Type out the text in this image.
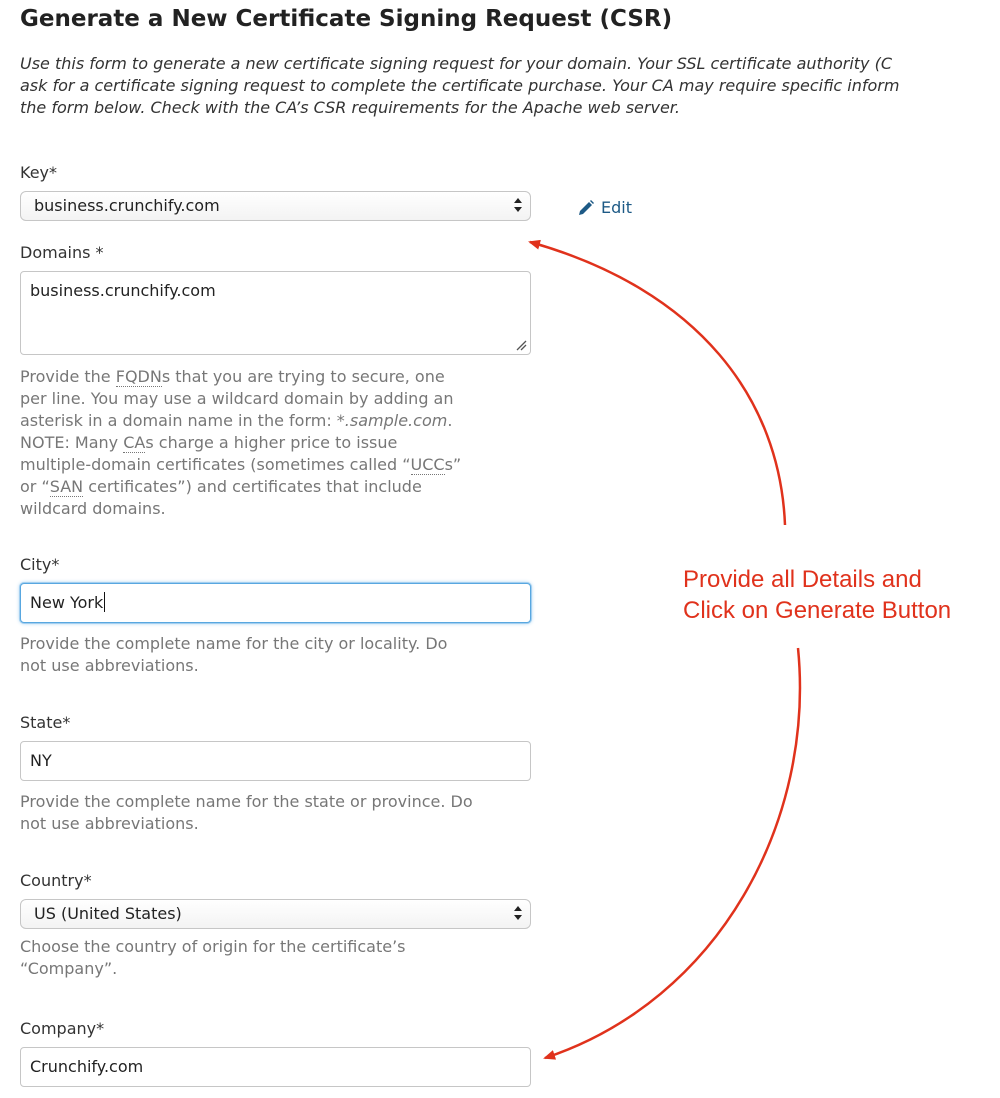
Generate a New Certificate Signing Request (CSR)
Use this form to generate a new certificate signing request for your domain. Your SSL certificate authority (C
ask for a certificate signing request to complete the certificate purchase. Your CA may require specific inform
the form below. Check with the CA’s CSR requirements for the Apache web server.
Key*
business.crunchify.com	Edit
Domains *
business.crunchify.com
Provide the FQDNs that you are trying to secure, one
per line. You may use a wildcard domain by adding an
asterisk in a domain name in the form: *.sample.com.
NOTE: Many CAs charge a higher price to issue
multiple-domain certificates (sometimes called “UCCs”
or “SAN certificates”) and certificates that include
wildcard domains.
City*
New York
Provide the complete name for the city or locality. Do
not use abbreviations.
State*
NY
Provide the complete name for the state or province. Do
not use abbreviations.
Country*
US (United States)
Choose the country of origin for the certificate’s
“Company”.
Company*
Crunchify.com
Provide all Details and
Click on Generate Button
